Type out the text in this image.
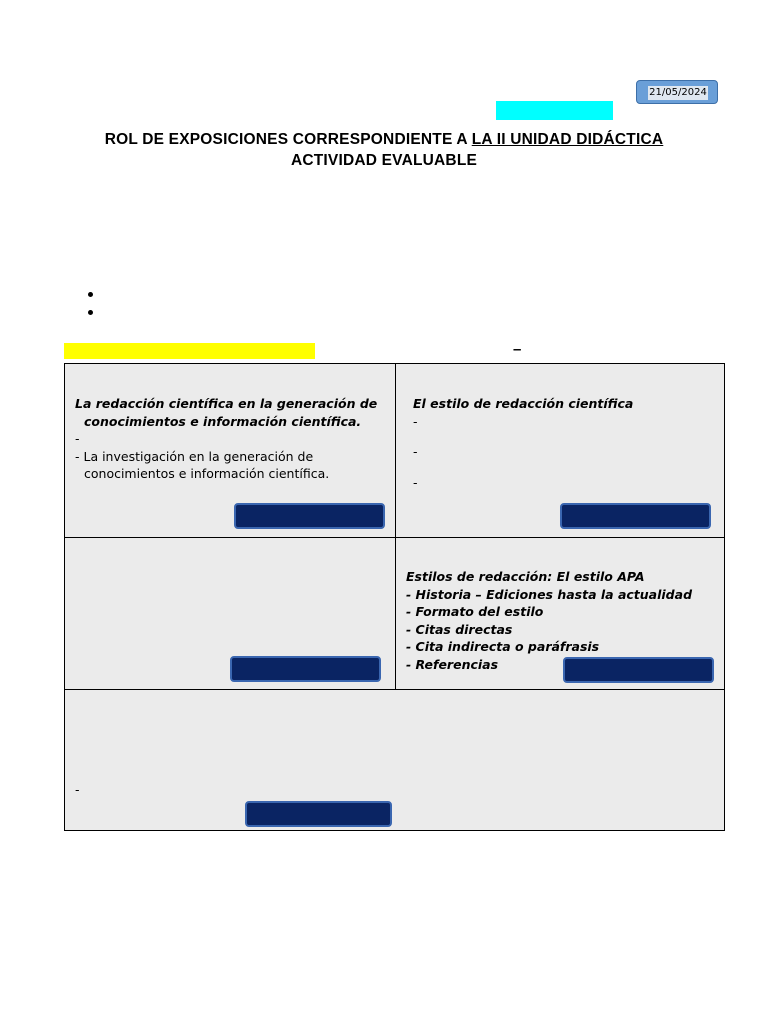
21/05/2024
ROL DE EXPOSICIONES CORRESPONDIENTE A LA II UNIDAD DIDÁCTICA
ACTIVIDAD EVALUABLE
–
La redacción científica en la generación de
conocimientos e información científica.
-
- La investigación en la generación de
conocimientos e información científica.
El estilo de redacción científica
-
-
-
Estilos de redacción: El estilo APA
- Historia – Ediciones hasta la actualidad
- Formato del estilo
- Citas directas
- Cita indirecta o paráfrasis
- Referencias
-
